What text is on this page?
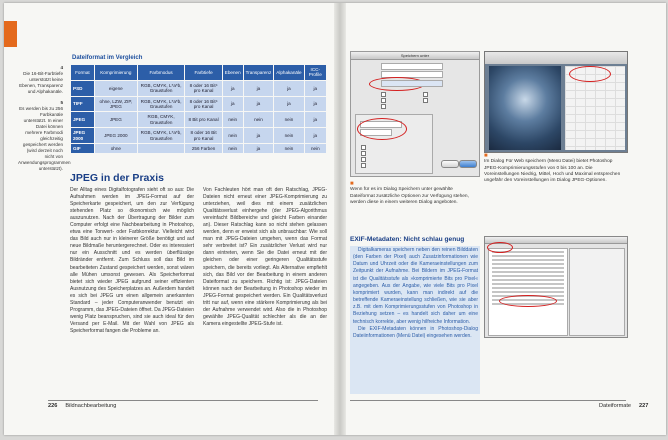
4
Die 16-Bit-Farbtiefe unterstützt keine Ebenen, Transparenz und Alphakanäle.

5
Es werden bis zu 256 Farbkanäle unterstützt. In einer Datei können mehrere Farbmodi gleichzeitig gespeichert werden (wird derzeit noch nicht von Anwendungsprogrammen unterstützt).

Dateiformat im Vergleich
Format	Komprimierung	Farbmodus	Farbtiefe	Ebenen	Transparenz	Alphakanäle	ICC-Profile
PSD	eigene	RGB, CMYK, L*a*b, Graustufen	8 oder 16 Bit⁴ pro Kanal	ja	ja	ja	ja
TIFF	ohne, LZW, ZIP, JPEG	RGB, CMYK, L*a*b, Graustufen	8 oder 16 Bit⁴ pro Kanal	ja	ja	ja	ja
JPEG	JPEG	RGB, CMYK, Graustufen	8 Bit pro Kanal	nein	nein	nein	ja
JPEG 2000	JPEG 2000	RGB, CMYK, L*a*b, Graustufen	8 oder 16 Bit pro Kanal	nein	ja	nein	ja
GIF	ohne		256 Farben	nein	ja	nein	nein
JPEG in der Praxis
Der Alltag eines Digitalfotografen sieht oft so aus: Die Aufnahmen werden im JPEG-Format auf der Speicherkarte gespeichert, um den zur Verfügung stehenden Platz so ökonomisch wie möglich auszunutzen. Nach der Übertragung der Bilder zum Computer erfolgt eine Nachbearbeitung in Photoshop, etwa eine Tonwert- oder Farbkorrektur. Vielleicht wird das Bild auch nur in kleinerer Größe benötigt und auf neue Bildmaße heruntergerechnet. Oder es interessiert nur ein Ausschnitt und es werden überflüssige Bildränder entfernt. Zum Schluss soll das Bild im bearbeiteten Zustand gespeichert werden, sonst wären alle Mühen umsonst gewesen. Als Speicherformat bietet sich wieder JPEG aufgrund seiner effizienten Ausnutzung des Speicherplatzes an. Außerdem handelt es sich bei JPEG um einen allgemein anerkannten Standard – jeder Computeranwender benutzt ein Programm, das JPEG-Dateien öffnet. Da JPEG-Dateien wenig Platz beanspruchen, sind sie auch ideal für den Versand per E-Mail. Mit der Wahl von JPEG als Speicherformat fangen die Probleme an.
Von Fachleuten hört man oft den Ratschlag, JPEG-Dateien nicht erneut einer JPEG-Komprimierung zu unterziehen, weil dies mit einem zusätzlichen Qualitätsverlust einhergehe (der JPEG-Algorithmus vereinfacht Bildbereiche und gleicht Farben einander an). Dieser Ratschlag kann so nicht stehen gelassen werden, denn er erweist sich als unbrauchbar: Wie soll man mit JPEG-Dateien umgehen, wenn das Format sehr verbreitet ist? Ein zusätzlicher Verlust wird nur dann eintreten, wenn Sie die Datei erneut mit der gleichen oder einer geringeren Qualitätsstufe speichern, die bereits vorliegt. Als Alternative empfiehlt sich, das Bild vor der Bearbeitung in einem anderen Dateiformat zu speichern. Richtig ist: JPEG-Dateien können nach der Bearbeitung in Photoshop wieder im JPEG-Format gespeichert werden. Ein Qualitätsverlust tritt nur auf, wenn eine stärkere Komprimierung als bei der Aufnahme verwendet wird. Also die in Photoshop gewählte JPEG-Qualität schlechter als die an der Kamera eingestellte JPEG-Stufe ist.
226 Bildnachbearbeitung
Speichern unter
■
Wenn für es im Dialog Speichern unter gewählte Dateiformat zusätzliche Optionen zur Verfügung stehen, werden diese in einem weiteren Dialog angeboten.
■
Im Dialog Für Web speichern (Menü Datei) bietet Photoshop JPEG-Komprimierungsstufen von 0 bis 100 an. Die Voreinstellungen Niedrig, Mittel, Hoch und Maximal entsprechen ungefähr den Voreinstellungen im Dialog JPEG-Optionen.
EXIF-Metadaten: Nicht schlau genug

Digitalkameras speichern neben den reinen Bilddaten (den Farben der Pixel) auch Zusatzinformationen wie Datum und Uhrzeit oder die Kameraeinstellungen zum Zeitpunkt der Aufnahme. Bei Bildern im JPEG-Format ist die Qualitätsstufe als »komprimierte Bits pro Pixel« angegeben. Aus der Angabe, wie viele Bits pro Pixel komprimiert wurden, kann man indirekt auf die betreffende Kameraeinstellung schließen, wie sie aber z.B. mit dem Komprimierungsstufen von Photoshop in Beziehung setzen – es handelt sich daher um eine technisch korrekte, aber wenig hilfreiche Information.

Die EXIF-Metadaten können in Photoshop-Dialog Dateiinformationen (Menü Datei) eingesehen werden.

Dateiformate 227
